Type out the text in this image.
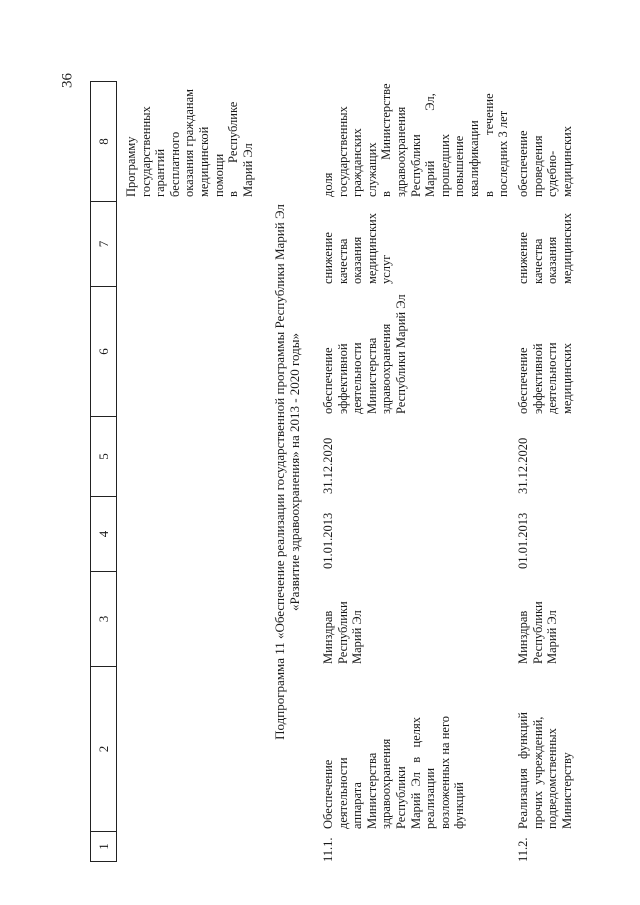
36
1
2
3
4
5
6
7
8	Программу
государственных
гарантий
бесплатного
оказания гражданам
медицинской
помощи
в         Республике
Марий Эл
Подпрограмма 11 «Обеспечение реализации государственной программы Республики Марий Эл «Развитие здравоохранения» на 2013 - 2020 годы»
11.1.
Обеспечение
деятельности
аппарата
Министерства
здравоохранения
Республики
Марий  Эл   в   целях
реализации
возложенных на него
функций
Минздрав
Республики
Марий Эл
01.01.2013
31.12.2020
обеспечение
эффективной
деятельности
Министерства
здравоохранения
Республики Марий Эл
снижение
качества
оказания
медицинских
услуг
доля
государственных
гражданских
служащих
в          Министерстве
здравоохранения
Республики
Марий                Эл,
прошедших
повышение
квалификации
в                  течение
последних 3 лет
11.2.
Реализация   функций
прочих  учреждений,
подведомственных
Министерству
Минздрав
Республики
Марий Эл
01.01.2013
31.12.2020
обеспечение
эффективной
деятельности
медицинских
снижение
качества
оказания
медицинских
обеспечение
проведения
судебно-
медицинских
